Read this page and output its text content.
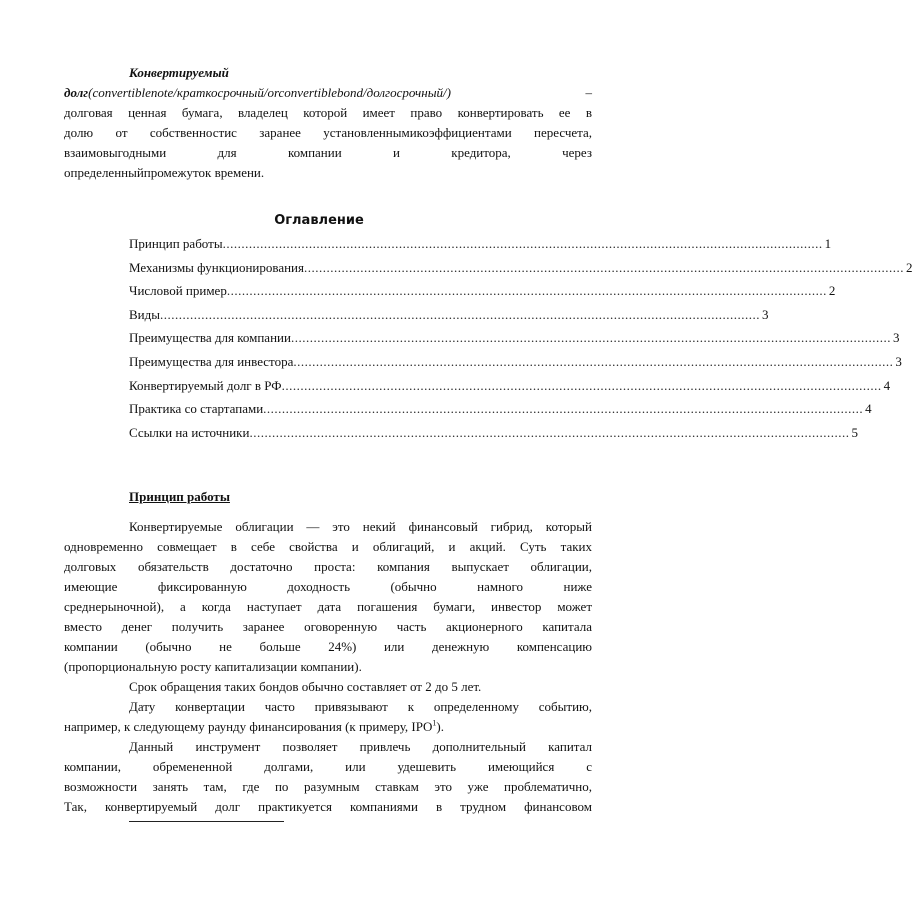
Конвертируемый
долг(convertiblenote/краткосрочный/orconvertiblebond/долгосрочный/)	–
долговая ценная бумага, владелец которой имеет право конвертировать ее в
долю от собственностис заранее установленнымикоэффициентами пересчета,
взаимовыгодными для компании и кредитора, через
определенныйпромежуток времени.
Оглавление
Принцип работы ................................................................................................................................................................ 1
Механизмы функционирования ................................................................................................................................................................ 2
Числовой пример ................................................................................................................................................................ 2
Виды ................................................................................................................................................................ 3
Преимущества для компании ................................................................................................................................................................ 3
Преимущества для инвестора ................................................................................................................................................................ 3
Конвертируемый долг в РФ ................................................................................................................................................................ 4
Практика со стартапами ................................................................................................................................................................ 4
Ссылки на источники ................................................................................................................................................................ 5
Принцип работы
Конвертируемые облигации — это некий финансовый гибрид, который
одновременно совмещает в себе свойства и облигаций, и акций. Суть таких
долговых обязательств достаточно проста: компания выпускает облигации,
имеющие фиксированную доходность (обычно намного ниже
среднерыночной), а когда наступает дата погашения бумаги, инвестор может
вместо денег получить заранее оговоренную часть акционерного капитала
компании (обычно не больше 24%) или денежную компенсацию
(пропорциональную росту капитализации компании).
Срок обращения таких бондов обычно составляет от 2 до 5 лет.
Дату конвертации часто привязывают к определенному событию,
например, к следующему раунду финансирования (к примеру, IPO$^1$).
Данный инструмент позволяет привлечь дополнительный капитал
компании, обремененной долгами, или удешевить имеющийся с
возможности занять там, где по разумным ставкам это уже проблематично,
Так, конвертируемый долг практикуется компаниями в трудном финансовом
